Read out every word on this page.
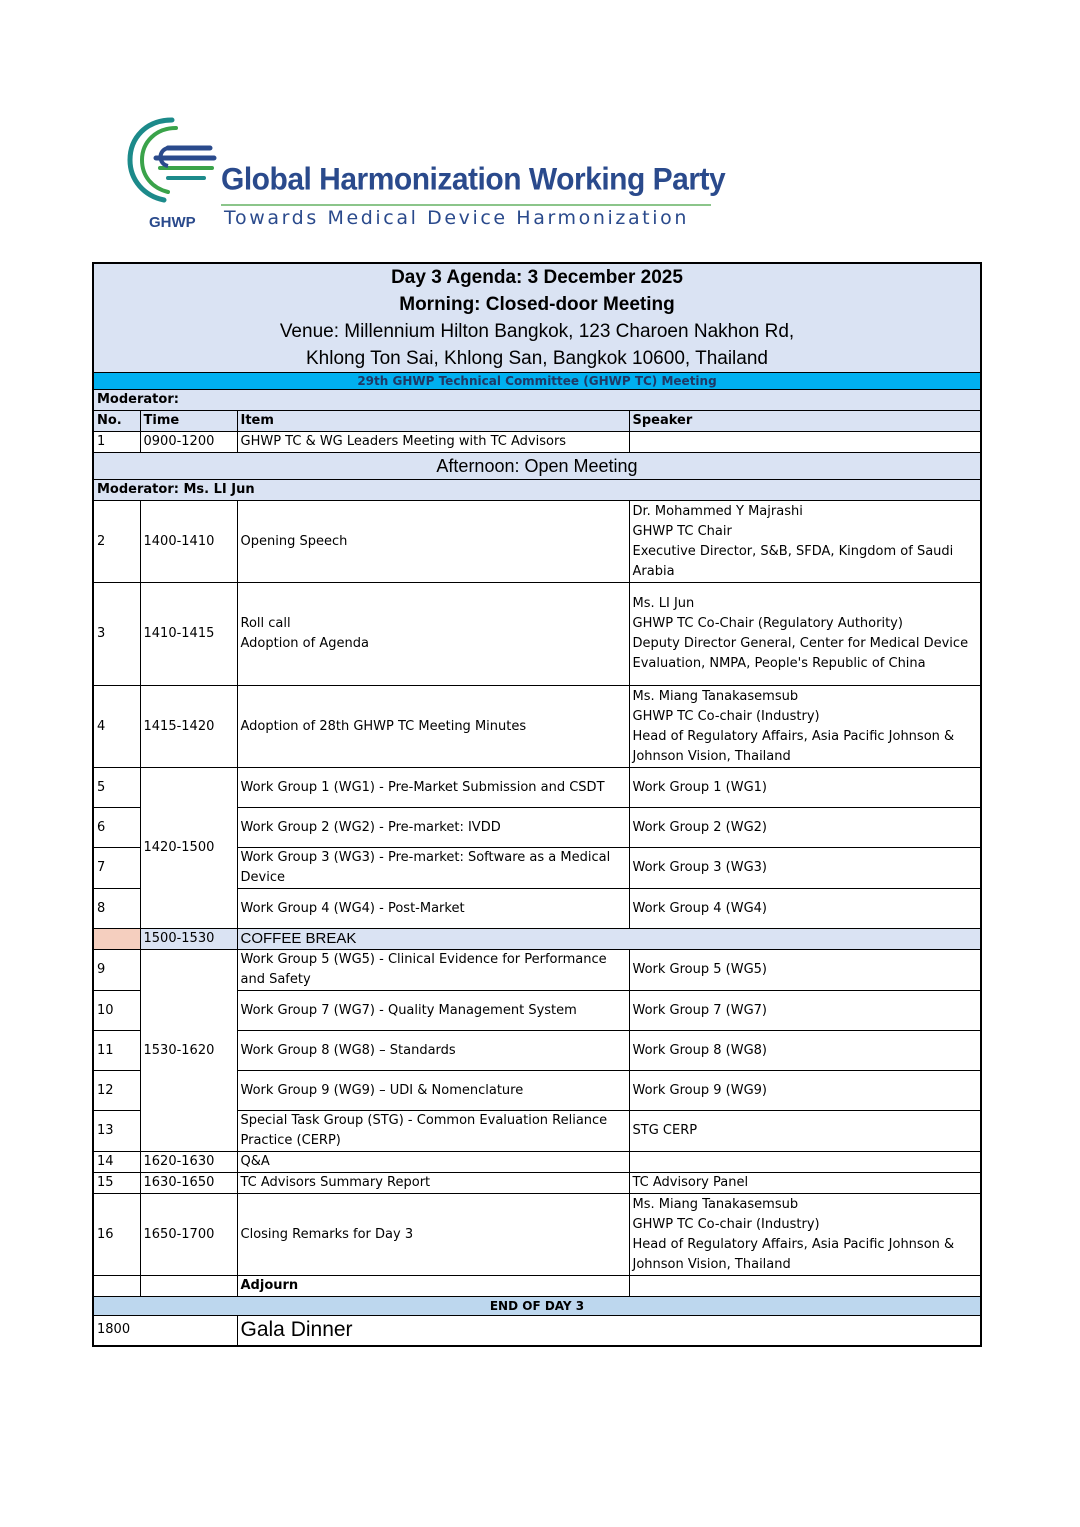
Global Harmonization Working Party
Towards Medical Device Harmonization
GHWP
Day 3 Agenda: 3 December 2025
Morning: Closed-door Meeting
Venue: Millennium Hilton Bangkok, 123 Charoen Nakhon Rd,
Khlong Ton Sai, Khlong San, Bangkok 10600, Thailand			

29th GHWP Technical Committee (GHWP TC) Meeting			
Moderator:			
No.	Time	Item	Speaker
1	0900-1200	GHWP TC & WG Leaders Meeting with TC Advisors	
Afternoon: Open Meeting			
Moderator: Ms. LI Jun			
2	1400-1410	Opening Speech	Dr. Mohammed Y Majrashi
GHWP TC Chair
Executive Director, S&B, SFDA, Kingdom of Saudi Arabia

3	1410-1415	Roll call
Adoption of Agenda	Ms. LI Jun
GHWP TC Co-Chair (Regulatory Authority)
Deputy Director General, Center for Medical Device Evaluation, NMPA, People's Republic of China

4	1415-1420	Adoption of 28th GHWP TC Meeting Minutes	Ms. Miang Tanakasemsub
GHWP TC Co-chair (Industry)
Head of Regulatory Affairs, Asia Pacific Johnson & Johnson Vision, Thailand

5	1420-1500	Work Group 1 (WG1) - Pre-Market Submission and CSDT	Work Group 1 (WG1)
6		Work Group 2 (WG2) - Pre-market: IVDD	Work Group 2 (WG2)
7		Work Group 3 (WG3) - Pre-market: Software as a Medical Device	Work Group 3 (WG3)
8		Work Group 4 (WG4) - Post-Market	Work Group 4 (WG4)
	1500-1530	COFFEE BREAK	
9	1530-1620	Work Group 5 (WG5) - Clinical Evidence for Performance and Safety	Work Group 5 (WG5)
10		Work Group 7 (WG7) - Quality Management System	Work Group 7 (WG7)
11		Work Group 8 (WG8) – Standards	Work Group 8 (WG8)
12		Work Group 9 (WG9) – UDI & Nomenclature	Work Group 9 (WG9)
13		Special Task Group (STG) - Common Evaluation Reliance Practice (CERP)	STG CERP
14	1620-1630	Q&A	
15	1630-1650	TC Advisors Summary Report	TC Advisory Panel
16	1650-1700	Closing Remarks for Day 3	Ms. Miang Tanakasemsub
GHWP TC Co-chair (Industry)
Head of Regulatory Affairs, Asia Pacific Johnson & Johnson Vision, Thailand

		Adjourn	
END OF DAY 3			
1800		Gala Dinner	
